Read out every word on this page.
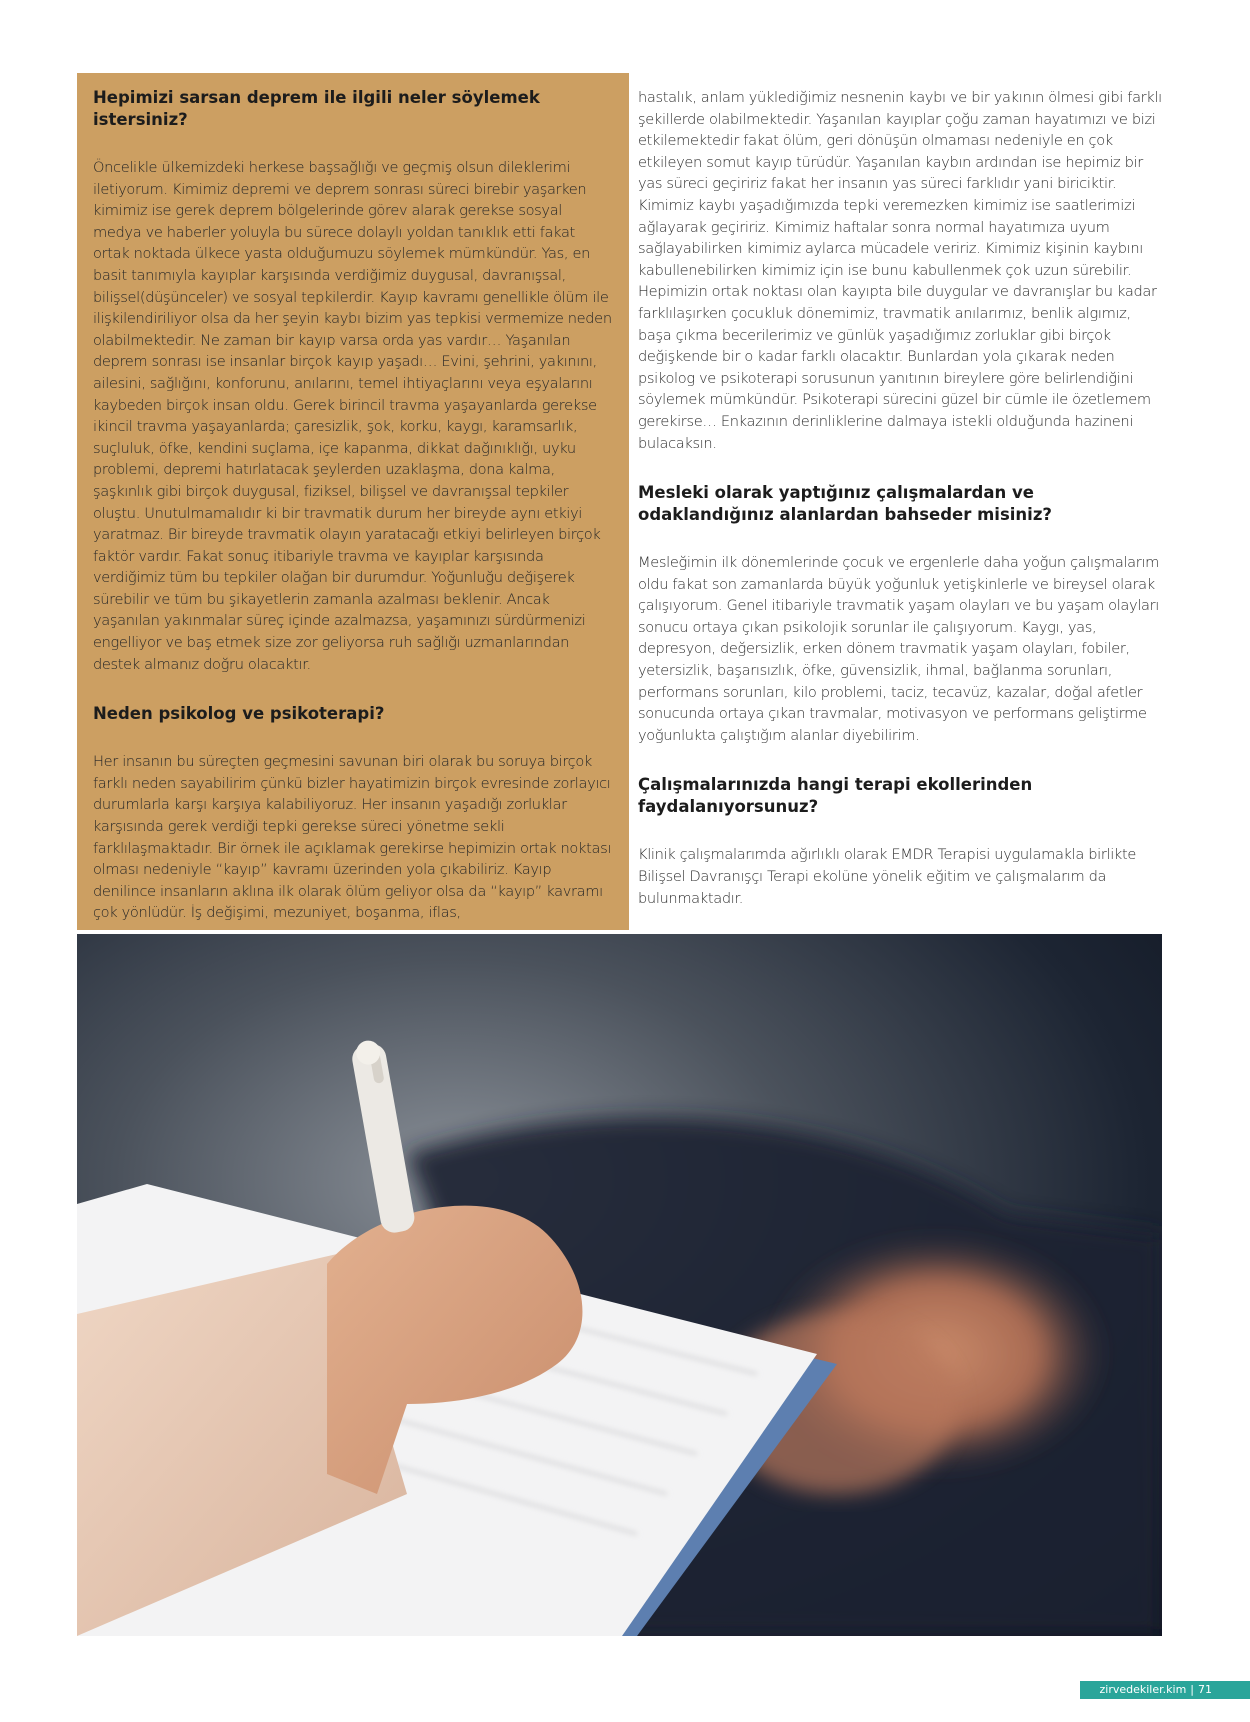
Hepimizi sarsan deprem ile ilgili neler söylemek istersiniz?

Öncelikle ülkemizdeki herkese başsağlığı ve geçmiş olsun dileklerimi iletiyorum. Kimimiz depremi ve deprem sonrası süreci birebir yaşarken kimimiz ise gerek deprem bölgelerinde görev alarak gerekse sosyal medya ve haberler yoluyla bu sürece dolaylı yoldan tanıklık etti fakat ortak noktada ülkece yasta olduğumuzu söylemek mümkündür. Yas, en basit tanımıyla kayıplar karşısında verdiğimiz duygusal, davranışsal, bilişsel(düşünceler) ve sosyal tepkilerdir. Kayıp kavramı genellikle ölüm ile ilişkilendiriliyor olsa da her şeyin kaybı bizim yas tepkisi vermemize neden olabilmektedir. Ne zaman bir kayıp varsa orda yas vardır… Yaşanılan deprem sonrası ise insanlar birçok kayıp yaşadı… Evini, şehrini, yakınını, ailesini, sağlığını, konforunu, anılarını, temel ihtiyaçlarını veya eşyalarını kaybeden birçok insan oldu. Gerek birincil travma yaşayanlarda gerekse ikincil travma yaşayanlarda; çaresizlik, şok, korku, kaygı, karamsarlık, suçluluk, öfke, kendini suçlama, içe kapanma, dikkat dağınıklığı, uyku problemi, depremi hatırlatacak şeylerden uzaklaşma, dona kalma, şaşkınlık gibi birçok duygusal, fiziksel, bilişsel ve davranışsal tepkiler oluştu. Unutulmamalıdır ki bir travmatik durum her bireyde aynı etkiyi yaratmaz. Bir bireyde travmatik olayın yaratacağı etkiyi belirleyen birçok faktör vardır. Fakat sonuç itibariyle travma ve kayıplar karşısında verdiğimiz tüm bu tepkiler olağan bir durumdur. Yoğunluğu değişerek sürebilir ve tüm bu şikayetlerin zamanla azalması beklenir. Ancak yaşanılan yakınmalar süreç içinde azalmazsa, yaşamınızı sürdürmenizi engelliyor ve baş etmek size zor geliyorsa ruh sağlığı uzmanlarından destek almanız doğru olacaktır.

Neden psikolog ve psikoterapi?

Her insanın bu süreçten geçmesini savunan biri olarak bu soruya birçok farklı neden sayabilirim çünkü bizler hayatimizin birçok evresinde zorlayıcı durumlarla karşı karşıya kalabiliyoruz. Her insanın yaşadığı zorluklar karşısında gerek verdiği tepki gerekse süreci yönetme sekli farklılaşmaktadır. Bir örnek ile açıklamak gerekirse hepimizin ortak noktası olması nedeniyle “kayıp” kavramı üzerinden yola çıkabiliriz. Kayıp denilince insanların aklına ilk olarak ölüm geliyor olsa da “kayıp” kavramı çok yönlüdür. İş değişimi, mezuniyet, boşanma, iflas,

hastalık, anlam yüklediğimiz nesnenin kaybı ve bir yakının ölmesi gibi farklı şekillerde olabilmektedir. Yaşanılan kayıplar çoğu zaman hayatımızı ve bizi etkilemektedir fakat ölüm, geri dönüşün olmaması nedeniyle en çok etkileyen somut kayıp türüdür. Yaşanılan kaybın ardından ise hepimiz bir yas süreci geçiririz fakat her insanın yas süreci farklıdır yani biriciktir. Kimimiz kaybı yaşadığımızda tepki veremezken kimimiz ise saatlerimizi ağlayarak geçiririz. Kimimiz haftalar sonra normal hayatımıza uyum sağlayabilirken kimimiz aylarca mücadele veririz. Kimimiz kişinin kaybını kabullenebilirken kimimiz için ise bunu kabullenmek çok uzun sürebilir. Hepimizin ortak noktası olan kayıpta bile duygular ve davranışlar bu kadar farklılaşırken çocukluk dönemimiz, travmatik anılarımız, benlik algımız, başa çıkma becerilerimiz ve günlük yaşadığımız zorluklar gibi birçok değişkende bir o kadar farklı olacaktır. Bunlardan yola çıkarak neden psikolog ve psikoterapi sorusunun yanıtının bireylere göre belirlendiğini söylemek mümkündür. Psikoterapi sürecini güzel bir cümle ile özetlemem gerekirse… Enkazının derinliklerine dalmaya istekli olduğunda hazineni bulacaksın.

Mesleki olarak yaptığınız çalışmalardan ve odaklandığınız alanlardan bahseder misiniz?

Mesleğimin ilk dönemlerinde çocuk ve ergenlerle daha yoğun çalışmalarım oldu fakat son zamanlarda büyük yoğunluk yetişkinlerle ve bireysel olarak çalışıyorum. Genel itibariyle travmatik yaşam olayları ve bu yaşam olayları sonucu ortaya çıkan psikolojik sorunlar ile çalışıyorum. Kaygı, yas, depresyon, değersizlik, erken dönem travmatik yaşam olayları, fobiler, yetersizlik, başarısızlık, öfke, güvensizlik, ihmal, bağlanma sorunları, performans sorunları, kilo problemi, taciz, tecavüz, kazalar, doğal afetler sonucunda ortaya çıkan travmalar, motivasyon ve performans geliştirme yoğunlukta çalıştığım alanlar diyebilirim.

Çalışmalarınızda hangi terapi ekollerinden faydalanıyorsunuz?

Klinik çalışmalarımda ağırlıklı olarak EMDR Terapisi uygulamakla birlikte Bilişsel Davranışçı Terapi ekolüne yönelik eğitim ve çalışmalarım da bulunmaktadır.

zirvedekiler.kim | 71
